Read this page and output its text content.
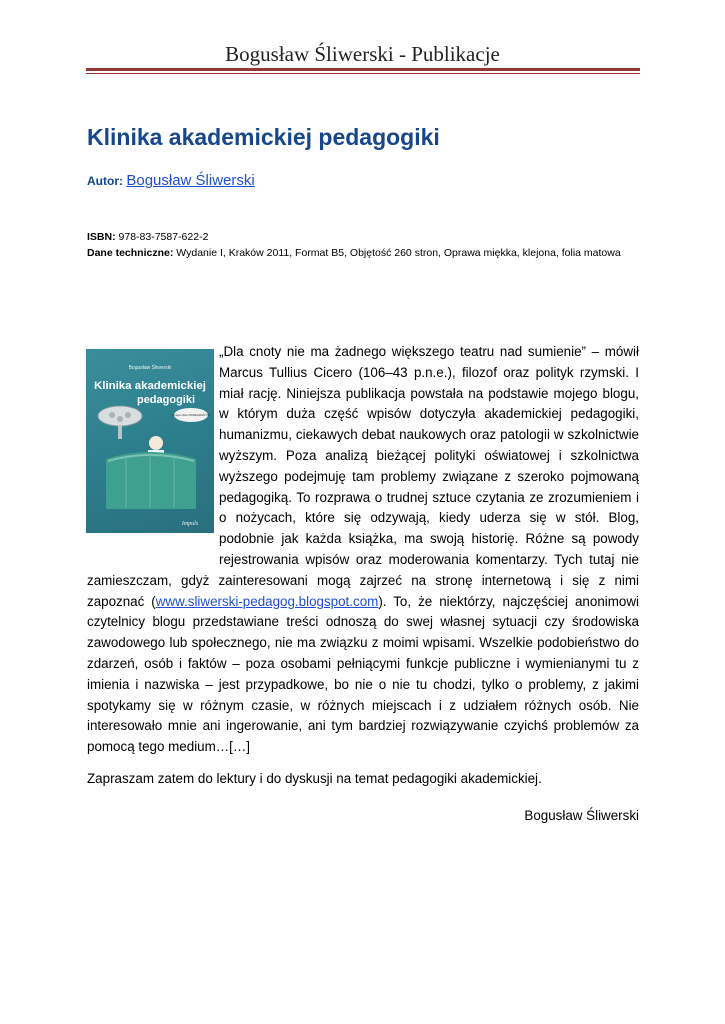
Bogusław Śliwerski - Publikacje
Klinika akademickiej pedagogiki
Autor: Bogusław Śliwerski
ISBN: 978-83-7587-622-2
Dane techniczne: Wydanie I, Kraków 2011, Format B5, Objętość 260 stron, Oprawa miękka, klejona, folia matowa
Bogusław Śliwerski
Klinika akademickiej
pedagogiki
Czego idzie PRZEGRANYM
Impuls
„Dla cnoty nie ma żadnego większego teatru nad sumienie” – mówił Marcus Tullius Cicero (106–43 p.n.e.), filozof oraz polityk rzymski. I miał rację. Niniejsza publikacja powstała na podstawie mojego blogu, w którym duża część wpisów dotyczyła akademickiej pedagogiki, humanizmu, ciekawych debat naukowych oraz patologii w szkolnictwie wyższym. Poza analizą bieżącej polityki oświatowej i szkolnictwa wyższego podejmuję tam problemy związane z szeroko pojmowaną pedagogiką. To rozprawa o trudnej sztuce czytania ze zrozumieniem i o nożycach, które się odzywają, kiedy uderza się w stół. Blog, podobnie jak każda książka, ma swoją historię. Różne są powody rejestrowania wpisów oraz moderowania komentarzy. Tych tutaj nie zamieszczam, gdyż zainteresowani mogą zajrzeć na stronę internetową i się z nimi zapoznać (www.sliwerski-pedagog.blogspot.com). To, że niektórzy, najczęściej anonimowi czytelnicy blogu przedstawiane treści odnoszą do swej własnej sytuacji czy środowiska zawodowego lub społecznego, nie ma związku z moimi wpisami. Wszelkie podobieństwo do zdarzeń, osób i faktów – poza osobami pełniącymi funkcje publiczne i wymienianymi tu z imienia i nazwiska – jest przypadkowe, bo nie o nie tu chodzi, tylko o problemy, z jakimi spotykamy się w różnym czasie, w różnych miejscach i z udziałem różnych osób. Nie interesowało mnie ani ingerowanie, ani tym bardziej rozwiązywanie czyichś problemów za pomocą tego medium…[…]
Zapraszam zatem do lektury i do dyskusji na temat pedagogiki akademickiej.
Bogusław Śliwerski
